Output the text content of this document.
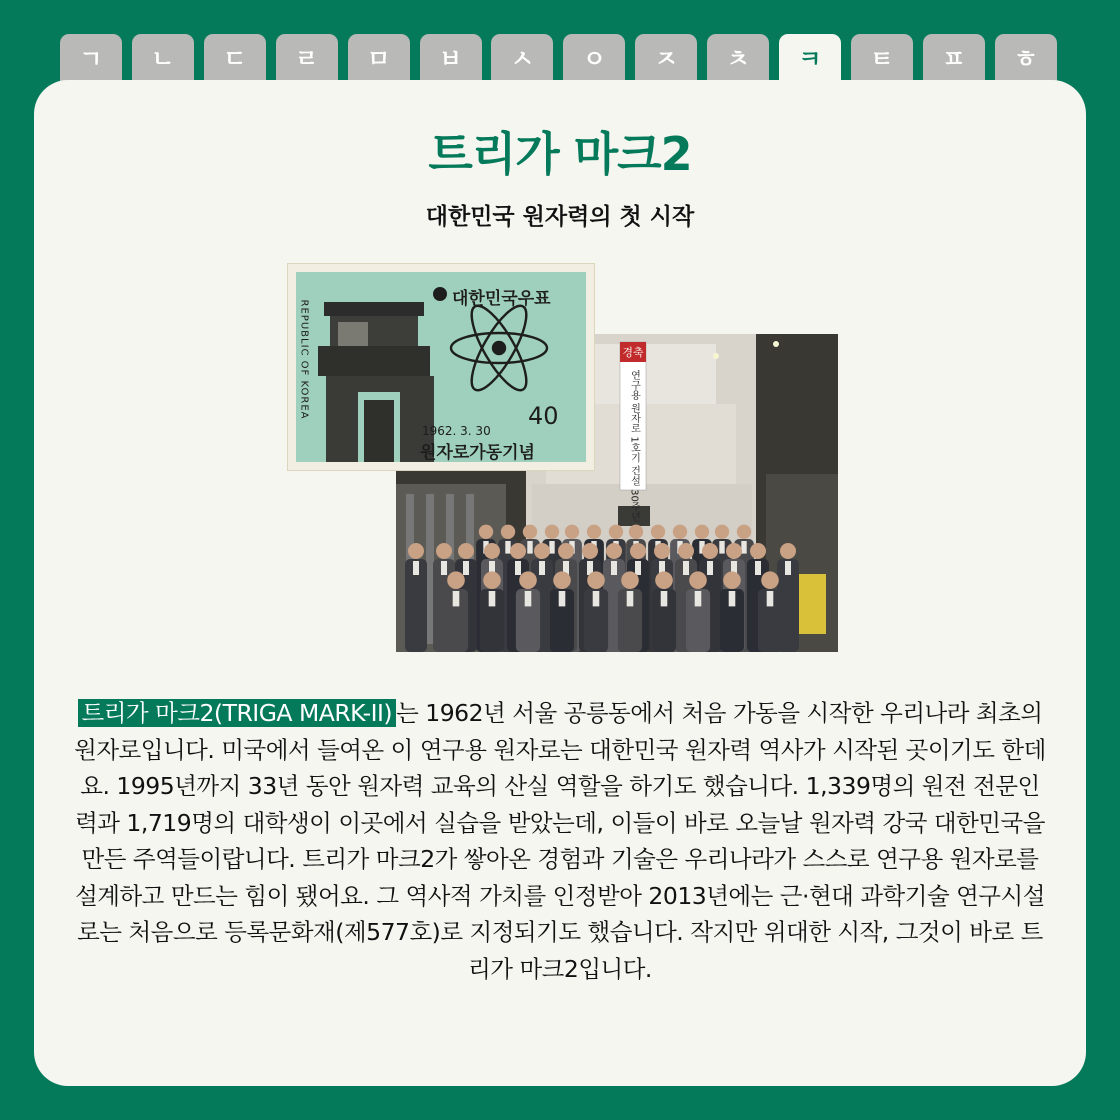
ㄱ	ㄴ	ㄷ	ㄹ	ㅁ	ㅂ	ㅅ	ㅇ	ㅈ	ㅊ	ㅋ	ㅌ	ㅍ	ㅎ
트리가 마크2
대한민국 원자력의 첫 시작
경축
연구용 원자로 1호기 건설 30주년
대한민국우표
REPUBLIC OF KOREA	40
1962. 3. 30
원자로가동기념

트리가 마크2(TRIGA MARK-II) 는 1962년 서울 공릉동에서 처음 가동을 시작한 우리나라 최초의 원자로입니다. 미국에서 들여온 이 연구용 원자로는 대한민국 원자력 역사가 시작된 곳이기도 한데요. 1995년까지 33년 동안 원자력 교육의 산실 역할을 하기도 했습니다. 1,339명의 원전 전문인력과 1,719명의 대학생이 이곳에서 실습을 받았는데, 이들이 바로 오늘날 원자력 강국 대한민국을 만든 주역들이랍니다. 트리가 마크2가 쌓아온 경험과 기술은 우리나라가 스스로 연구용 원자로를 설계하고 만드는 힘이 됐어요. 그 역사적 가치를 인정받아 2013년에는 근·현대 과학기술 연구시설로는 처음으로 등록문화재(제577호)로 지정되기도 했습니다. 작지만 위대한 시작, 그것이 바로 트리가 마크2입니다.
